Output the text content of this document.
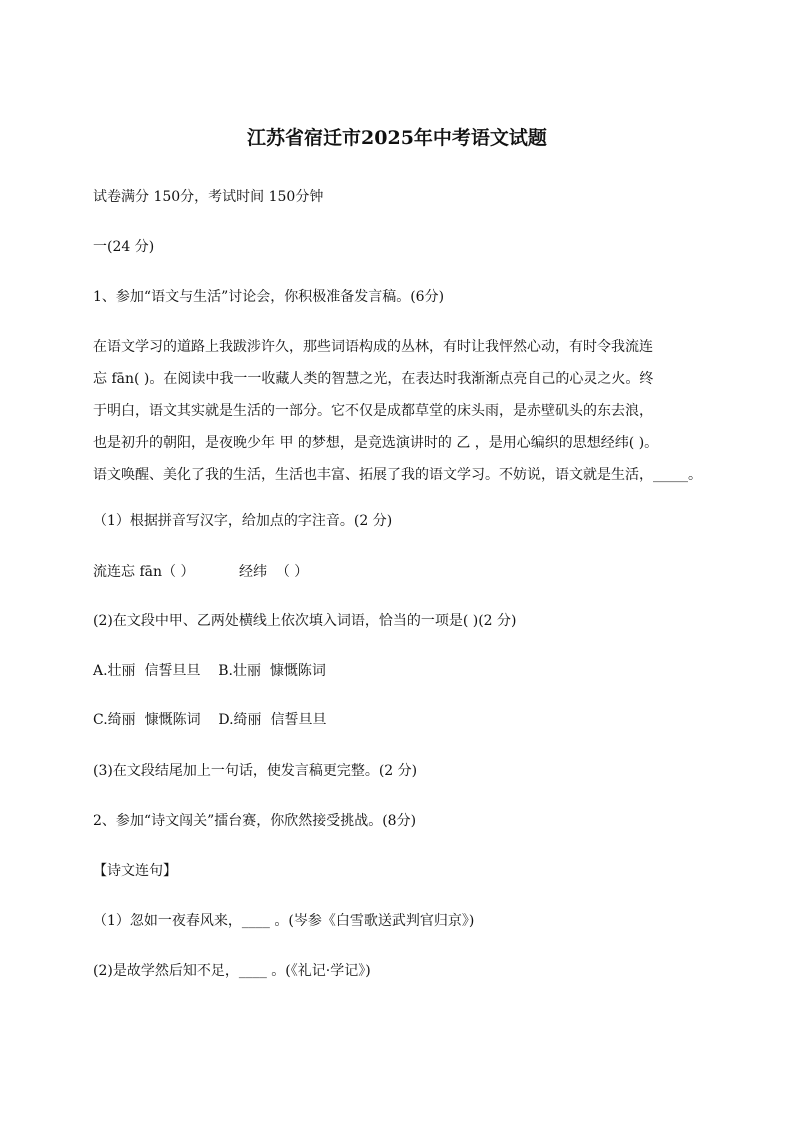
江苏省宿迁市2025年中考语文试题

试卷满分 150分，考试时间 150分钟

一(24 分)

1、参加“语文与生活”讨论会，你积极准备发言稿。(6分)

在语文学习的道路上我跋涉许久，那些词语构成的丛林，有时让我怦然心动，有时令我流连
忘 fān( )。在阅读中我一一收藏人类的智慧之光，在表达时我渐渐点亮自己的心灵之火。终
于明白，语文其实就是生活的一部分。它不仅是成都草堂的床头雨，是赤壁矶头的东去浪，
也是初升的朝阳，是夜晚少年 甲 的梦想，是竞选演讲时的 乙 ，是用心编织的思想经纬( )。
语文唤醒、美化了我的生活，生活也丰富、拓展了我的语文学习。不妨说，语文就是生活，_____。

（1）根据拼音写汉字，给加点的字注音。(2 分)

流连忘 fān（ ）          经纬  （ ）

(2)在文段中甲、乙两处横线上依次填入词语，恰当的一项是( )(2 分)

A.壮丽  信誓旦旦    B.壮丽  慷慨陈词

C.绮丽  慷慨陈词    D.绮丽  信誓旦旦

(3)在文段结尾加上一句话，使发言稿更完整。(2 分)

2、参加“诗文闯关”擂台赛，你欣然接受挑战。(8分)

【诗文连句】

（1）忽如一夜春风来，____ 。(岑参《白雪歌送武判官归京》)

(2)是故学然后知不足，____ 。(《礼记·学记》)
